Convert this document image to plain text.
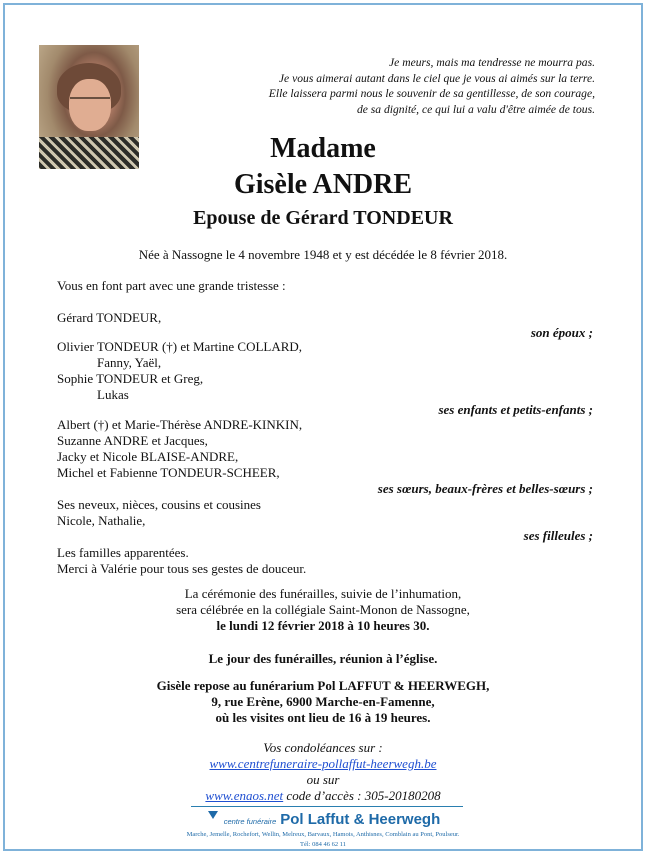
Je meurs, mais ma tendresse ne mourra pas.
Je vous aimerai autant dans le ciel que je vous ai aimés sur la terre.
Elle laissera parmi nous le souvenir de sa gentillesse, de son courage,
de sa dignité, ce qui lui a valu d'être aimée de tous.
Madame
Gisèle ANDRE
Epouse de Gérard TONDEUR
Née à Nassogne le 4 novembre 1948 et y est décédée le 8 février 2018.
Vous en font part avec une grande tristesse :
Gérard TONDEUR,
son époux ;
Olivier TONDEUR (†) et Martine COLLARD,
Fanny, Yaël,
Sophie TONDEUR et Greg,
Lukas
ses enfants et petits-enfants ;
Albert (†) et Marie-Thérèse ANDRE-KINKIN,
Suzanne ANDRE et Jacques,
Jacky et Nicole BLAISE-ANDRE,
Michel et Fabienne TONDEUR-SCHEER,
ses sœurs, beaux-frères et belles-sœurs ;
Ses neveux, nièces, cousins et cousines
Nicole, Nathalie,
ses filleules ;
Les familles apparentées.
Merci à Valérie pour tous ses gestes de douceur.
La cérémonie des funérailles, suivie de l’inhumation,
sera célébrée en la collégiale Saint-Monon de Nassogne,
le lundi 12 février 2018 à 10 heures 30.
Le jour des funérailles, réunion à l’église.
Gisèle repose au funérarium Pol LAFFUT & HEERWEGH,
9, rue Erène, 6900 Marche-en-Famenne,
où les visites ont lieu de 16 à 19 heures.
Vos condoléances sur :
www.centrefuneraire-pollaffut-heerwegh.be
ou sur
www.enaos.net code d’accès : 305-20180208
centre funéraire Pol Laffut & Heerwegh
Marche, Jemelle, Rochefort, Wellin, Melreux, Barvaux, Hamois, Anthisnes, Comblain au Pont, Poulseur.
Tél: 084 46 62 11
